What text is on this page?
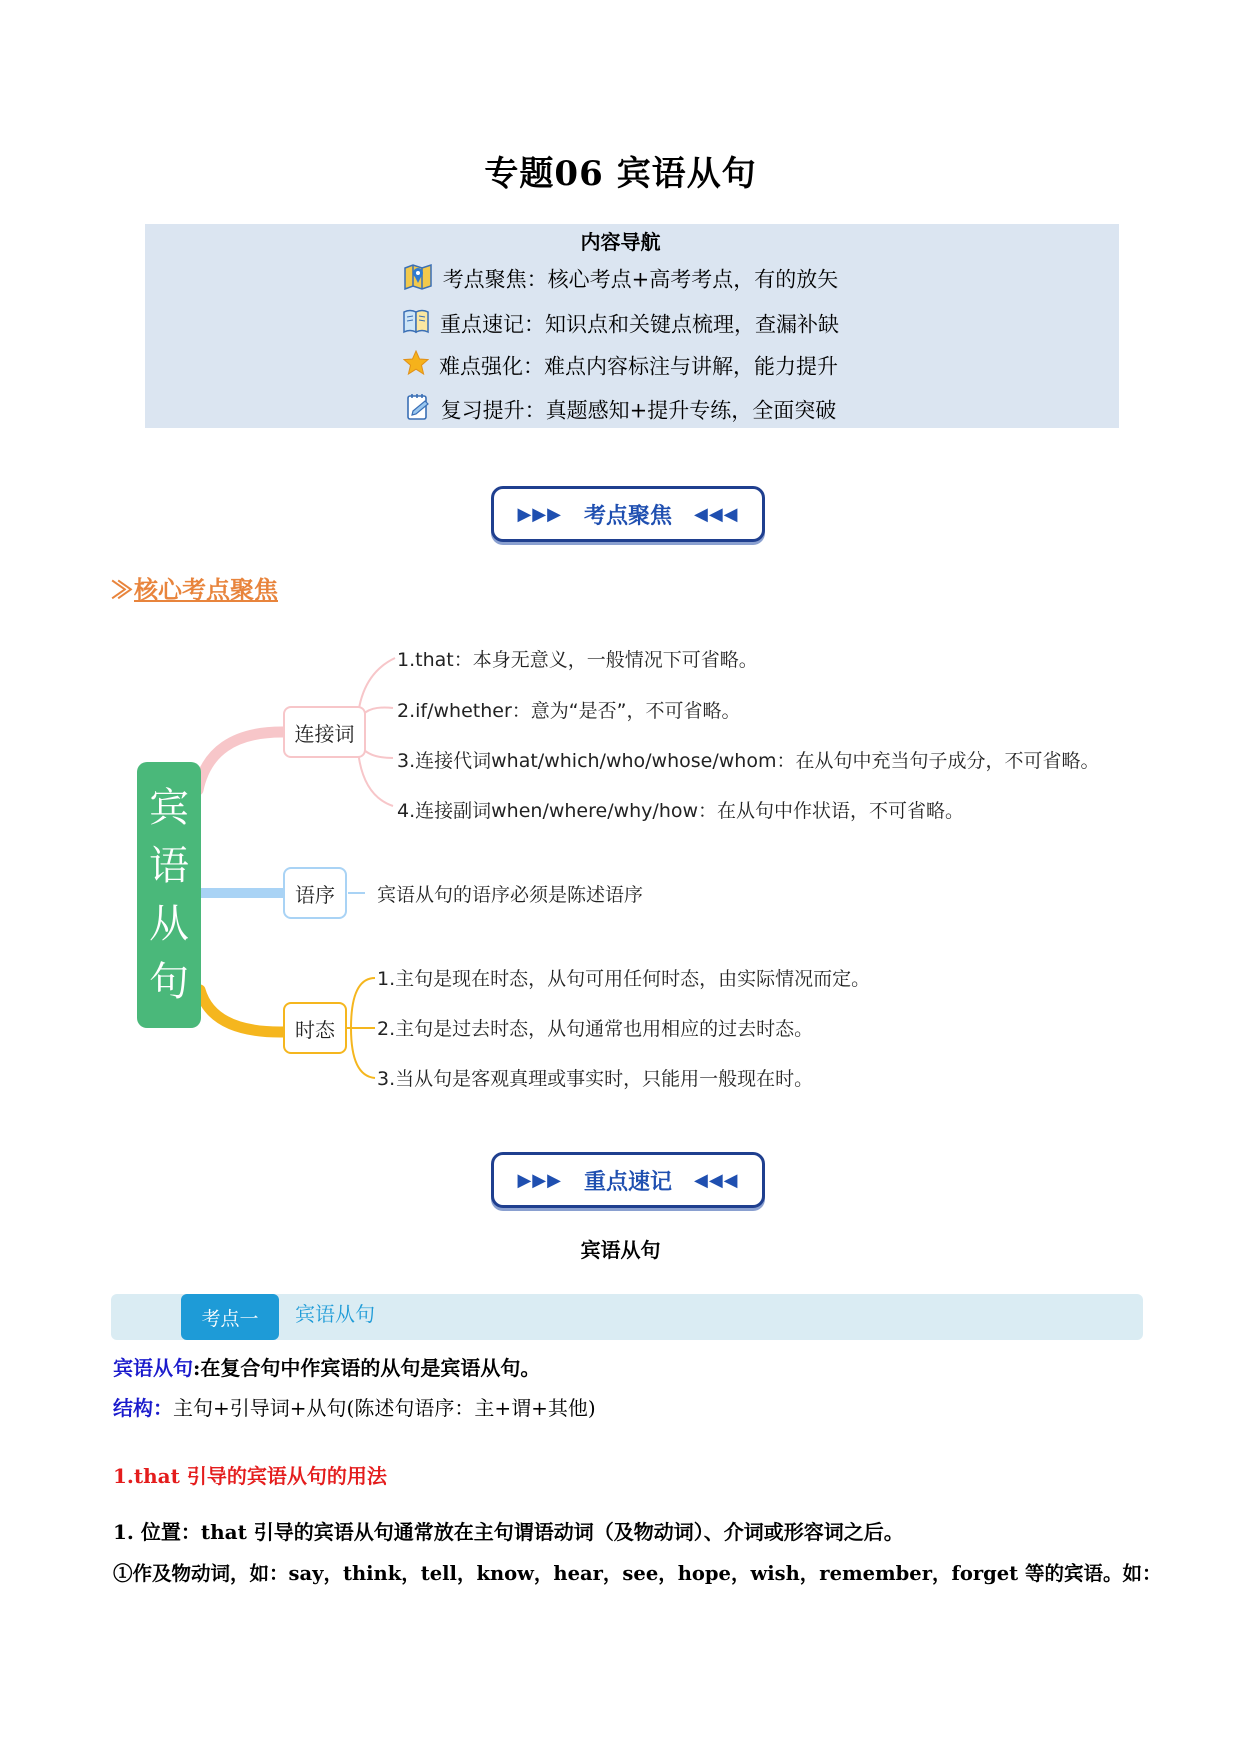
专题06 宾语从句
内容导航
考点聚焦：核心考点+高考考点，有的放矢
重点速记：知识点和关键点梳理，查漏补缺
难点强化：难点内容标注与讲解，能力提升
复习提升：真题感知+提升专练，全面突破
▶▶▶ 考点聚焦 ◀◀◀
≫核心考点聚焦
宾
语
从
句
连接词
语序
时态
1.that：本身无意义，一般情况下可省略。
2.if/whether：意为“是否”，不可省略。
3.连接代词what/which/who/whose/whom：在从句中充当句子成分，不可省略。
4.连接副词when/where/why/how：在从句中作状语，不可省略。
宾语从句的语序必须是陈述语序
1.主句是现在时态，从句可用任何时态，由实际情况而定。
2.主句是过去时态，从句通常也用相应的过去时态。
3.当从句是客观真理或事实时，只能用一般现在时。
▶▶▶ 重点速记 ◀◀◀
宾语从句
考点一	宾语从句
宾语从句:在复合句中作宾语的从句是宾语从句。
结构：主句+引导词+从句(陈述句语序：主+谓+其他)
1.that 引导的宾语从句的用法
1. 位置：that 引导的宾语从句通常放在主句谓语动词（及物动词）、介词或形容词之后。
①作及物动词，如：say，think，tell，know，hear，see，hope，wish，remember，forget 等的宾语。如：
